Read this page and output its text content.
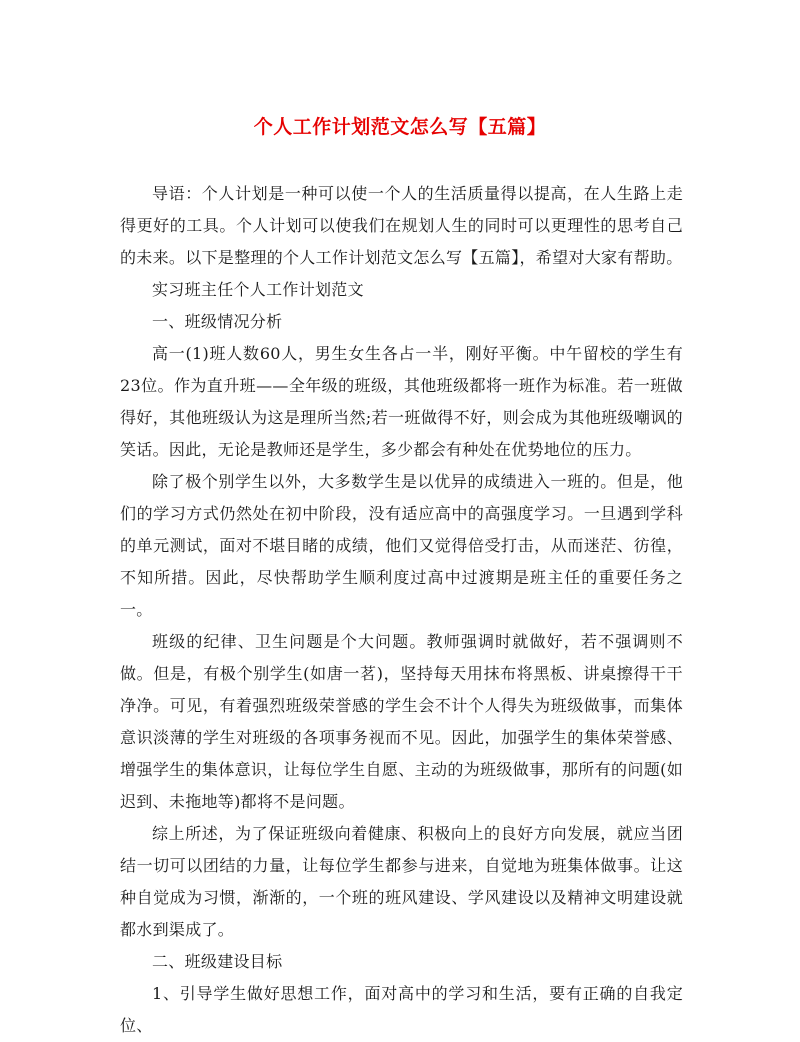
个人工作计划范文怎么写【五篇】

导语：个人计划是一种可以使一个人的生活质量得以提高，在人生路上走得更好的工具。个人计划可以使我们在规划人生的同时可以更理性的思考自己的未来。以下是整理的个人工作计划范文怎么写【五篇】，希望对大家有帮助。

实习班主任个人工作计划范文

一、班级情况分析

高一(1)班人数60人，男生女生各占一半，刚好平衡。中午留校的学生有23位。作为直升班——全年级的班级，其他班级都将一班作为标准。若一班做得好，其他班级认为这是理所当然;若一班做得不好，则会成为其他班级嘲讽的笑话。因此，无论是教师还是学生，多少都会有种处在优势地位的压力。

除了极个别学生以外，大多数学生是以优异的成绩进入一班的。但是，他们的学习方式仍然处在初中阶段，没有适应高中的高强度学习。一旦遇到学科的单元测试，面对不堪目睹的成绩，他们又觉得倍受打击，从而迷茫、彷徨，不知所措。因此，尽快帮助学生顺利度过高中过渡期是班主任的重要任务之一。

班级的纪律、卫生问题是个大问题。教师强调时就做好，若不强调则不做。但是，有极个别学生(如唐一茗)，坚持每天用抹布将黑板、讲桌擦得干干净净。可见，有着强烈班级荣誉感的学生会不计个人得失为班级做事，而集体意识淡薄的学生对班级的各项事务视而不见。因此，加强学生的集体荣誉感、增强学生的集体意识，让每位学生自愿、主动的为班级做事，那所有的问题(如迟到、未拖地等)都将不是问题。

综上所述，为了保证班级向着健康、积极向上的良好方向发展，就应当团结一切可以团结的力量，让每位学生都参与进来，自觉地为班集体做事。让这种自觉成为习惯，渐渐的，一个班的班风建设、学风建设以及精神文明建设就都水到渠成了。

二、班级建设目标

1、引导学生做好思想工作，面对高中的学习和生活，要有正确的自我定位、
